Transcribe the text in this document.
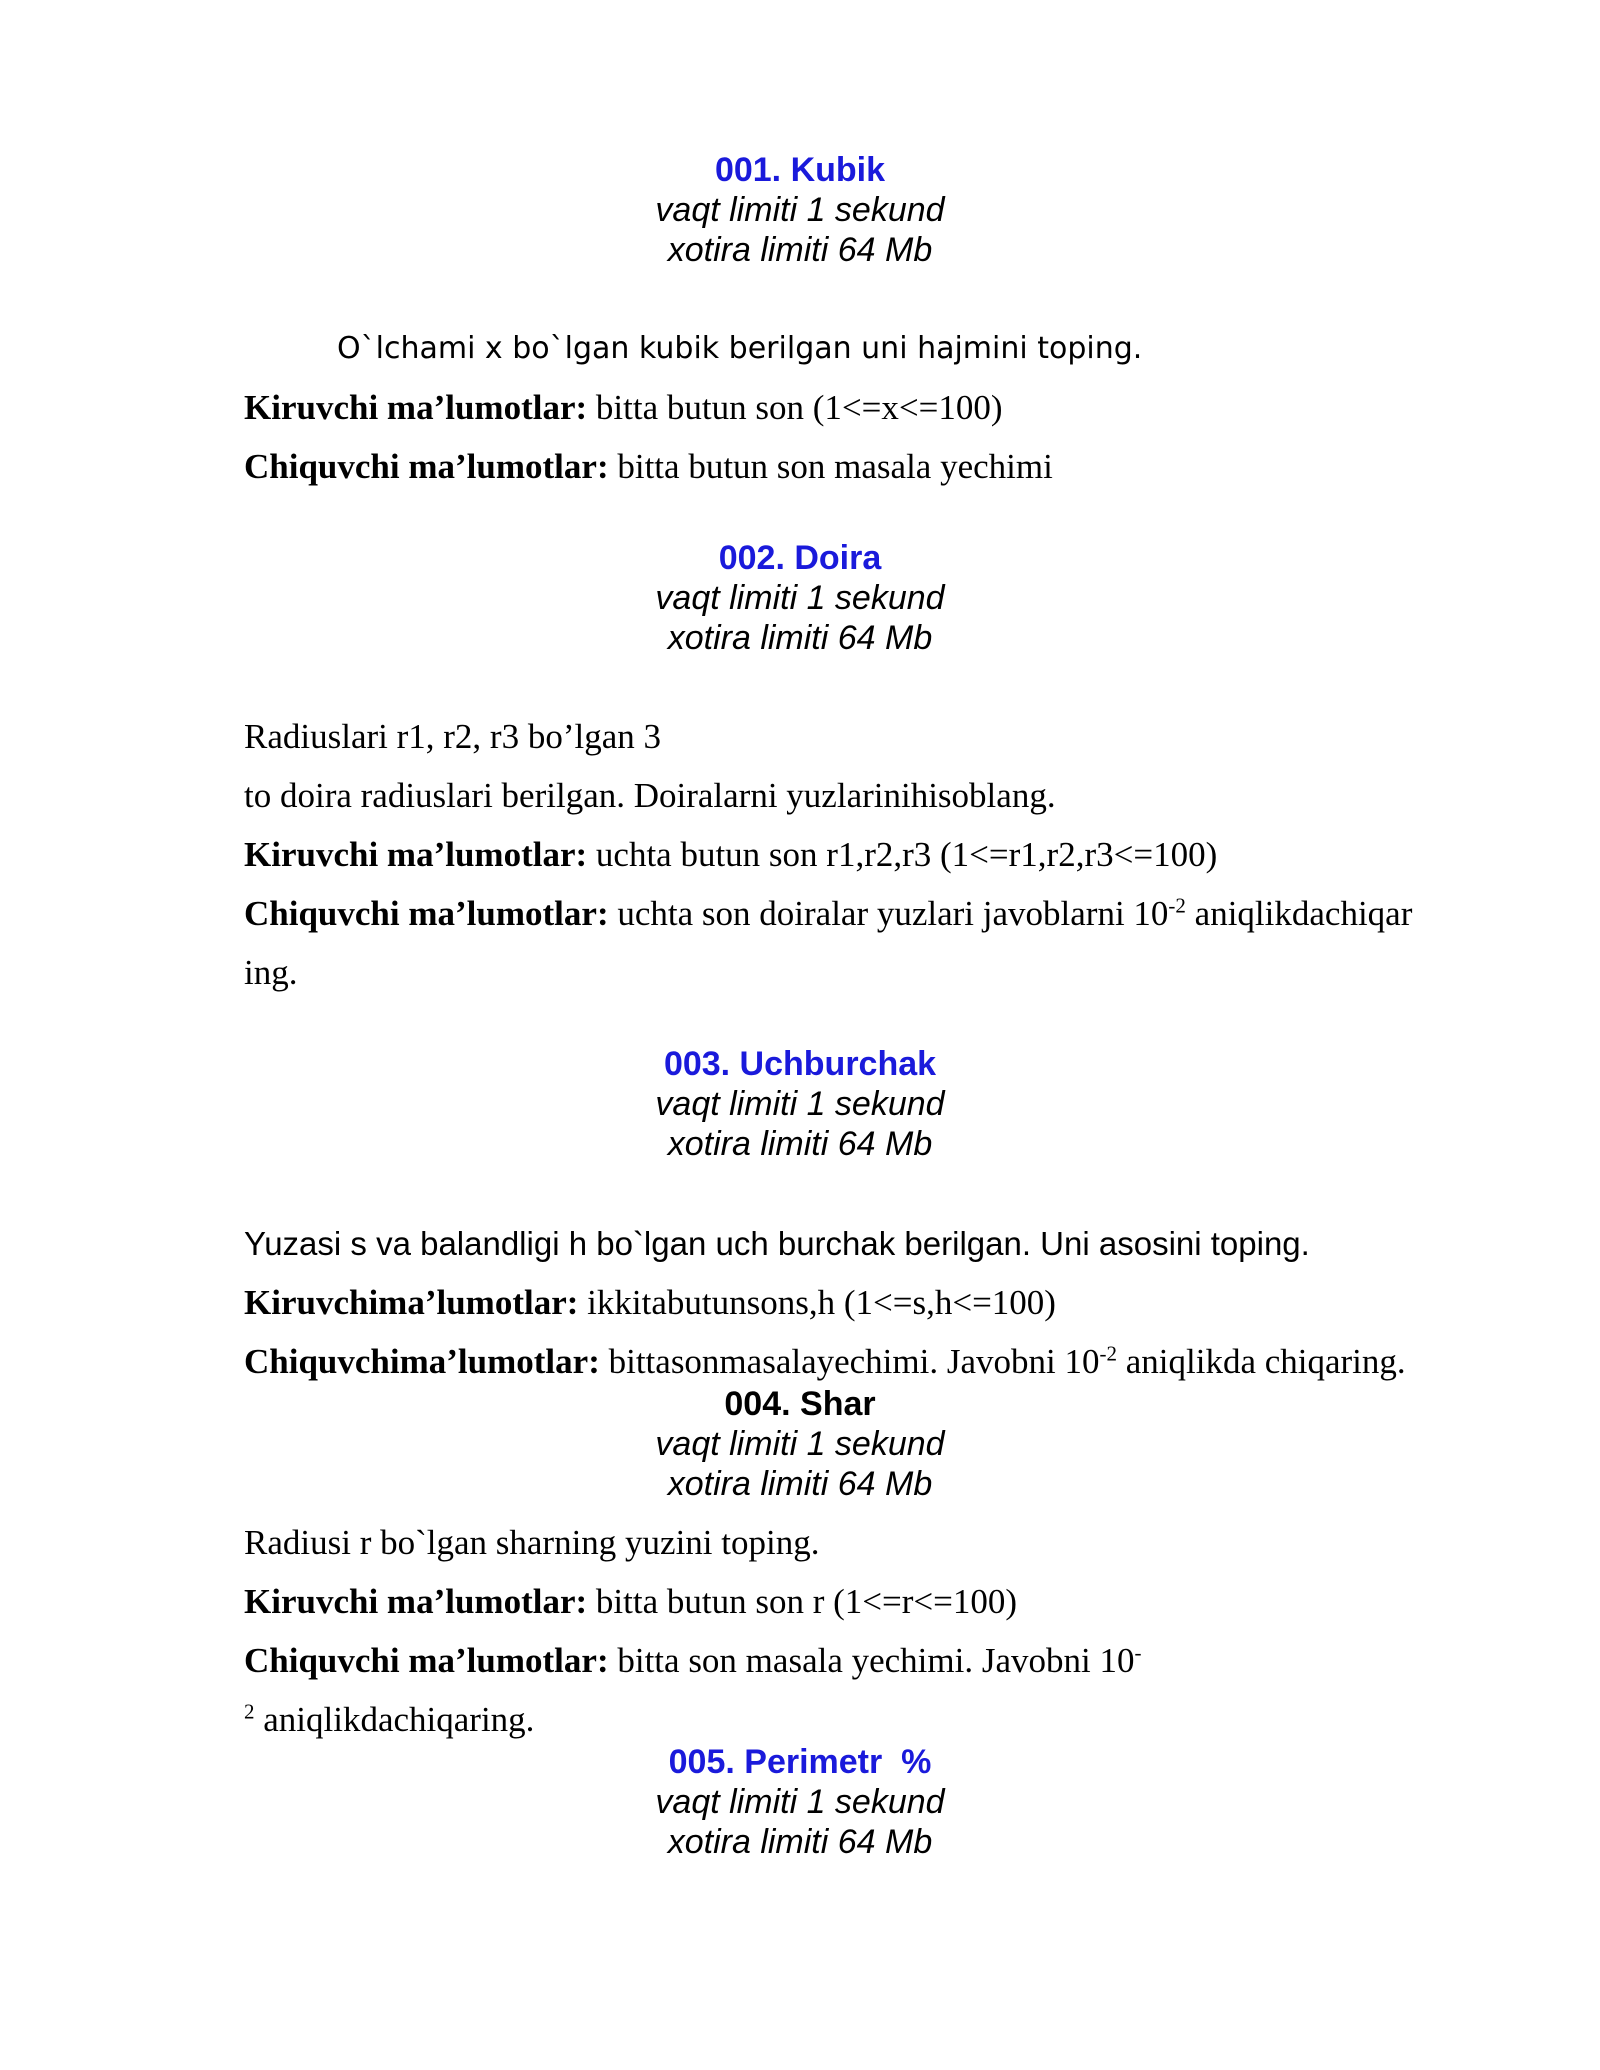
001. Kubik
vaqt limiti 1 sekund
xotira limiti 64 Mb
O`lchami x bo`lgan kubik berilgan uni hajmini toping.
Kiruvchi ma’lumotlar: bitta butun son (1<=x<=100)
Chiquvchi ma’lumotlar: bitta butun son masala yechimi
002. Doira
vaqt limiti 1 sekund
xotira limiti 64 Mb
Radiuslari r1, r2, r3 bo’lgan 3
to doira radiuslari berilgan. Doiralarni yuzlarinihisoblang.
Kiruvchi ma’lumotlar: uchta butun son r1,r2,r3 (1<=r1,r2,r3<=100)
Chiquvchi ma’lumotlar: uchta son doiralar yuzlari javoblarni $10^{-2}$ aniqlikdachiqar
ing.
003. Uchburchak
vaqt limiti 1 sekund
xotira limiti 64 Mb
Yuzasi s va balandligi h bo`lgan uch burchak berilgan. Uni asosini toping.
Kiruvchima’lumotlar: ikkitabutunsons,h (1<=s,h<=100)
Chiquvchima’lumotlar: bittasonmasalayechimi. Javobni $10^{-2}$ aniqlikda chiqaring.
004. Shar
vaqt limiti 1 sekund
xotira limiti 64 Mb
Radiusi r bo`lgan sharning yuzini toping.
Kiruvchi ma’lumotlar: bitta butun son r (1<=r<=100)
Chiquvchi ma’lumotlar: bitta son masala yechimi. Javobni 10-
$^2$ aniqlikdachiqaring.
005. Perimetr  %
vaqt limiti 1 sekund
xotira limiti 64 Mb
